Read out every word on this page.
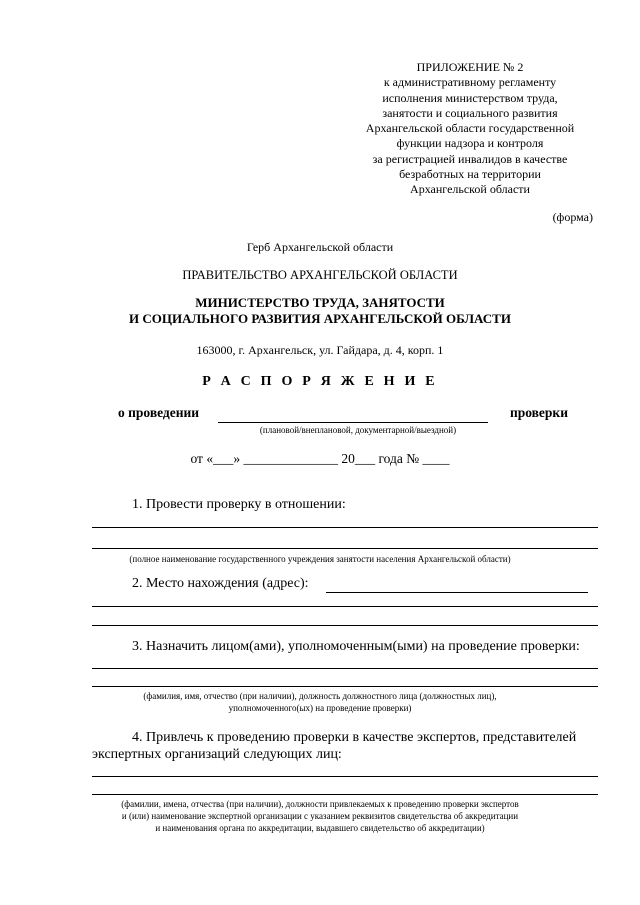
ПРИЛОЖЕНИЕ № 2
к административному регламенту
исполнения министерством труда,
занятости и социального развития
Архангельской области государственной
функции надзора и контроля
за регистрацией инвалидов в качестве
безработных на территории
Архангельской области
(форма)
Герб Архангельской области
ПРАВИТЕЛЬСТВО АРХАНГЕЛЬСКОЙ ОБЛАСТИ
МИНИСТЕРСТВО ТРУДА, ЗАНЯТОСТИ
И СОЦИАЛЬНОГО РАЗВИТИЯ АРХАНГЕЛЬСКОЙ ОБЛАСТИ
163000, г. Архангельск, ул. Гайдара, д. 4, корп. 1
Р А С П О Р Я Ж Е Н И Е
о проведении	проверки
(плановой/внеплановой, документарной/выездной)
от «___» ______________ 20___ года № ____
1. Провести проверку в отношении:
(полное наименование государственного учреждения занятости населения Архангельской области)
2. Место нахождения (адрес):
3. Назначить лицом(ами), уполномоченным(ыми) на проведение проверки:
(фамилия, имя, отчество (при наличии), должность должностного лица (должностных лиц),
уполномоченного(ых) на проведение проверки)
4. Привлечь к проведению проверки в качестве экспертов, представителей
экспертных организаций следующих лиц:
(фамилии, имена, отчества (при наличии), должности привлекаемых к проведению проверки экспертов
и (или) наименование экспертной организации с указанием реквизитов свидетельства об аккредитации
и наименования органа по аккредитации, выдавшего свидетельство об аккредитации)
